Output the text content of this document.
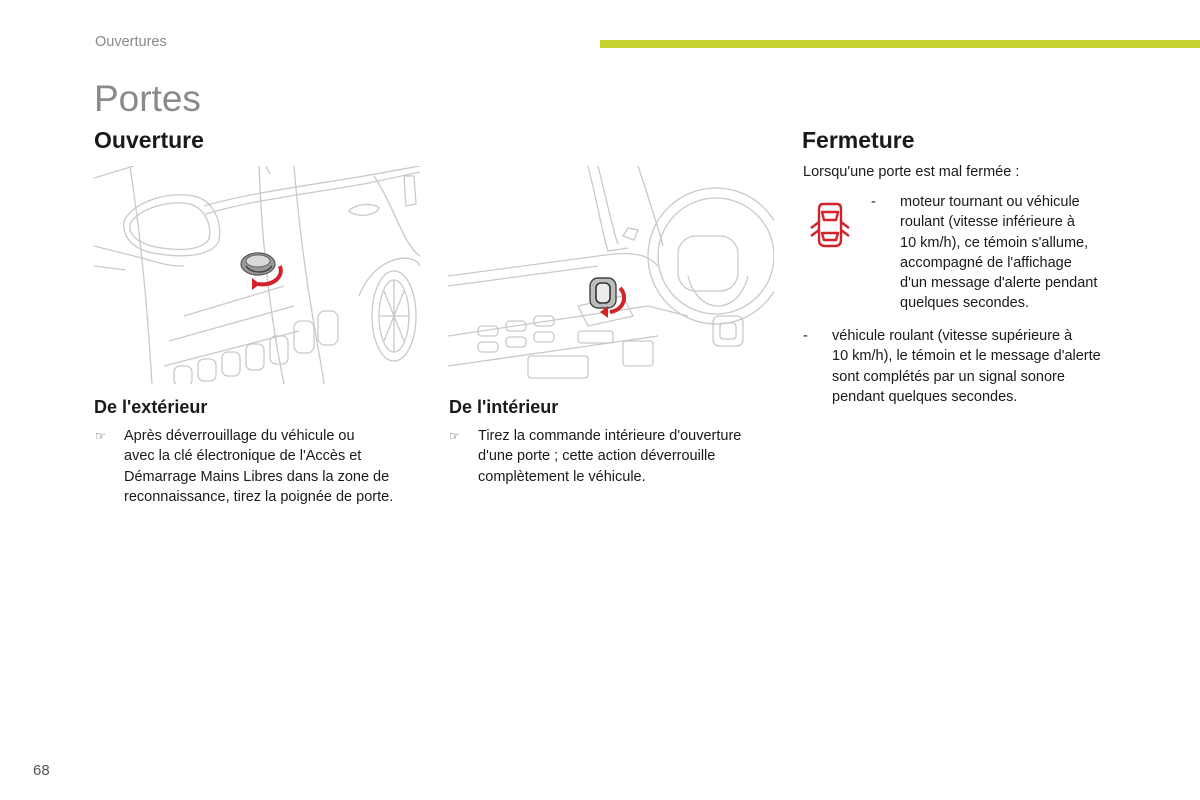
Ouvertures
Portes
Ouverture	Fermeture
De l'extérieur	De l'intérieur
☞ Après déverrouillage du véhicule ou
avec la clé électronique de l'Accès et
Démarrage Mains Libres dans la zone de
reconnaissance, tirez la poignée de porte.
☞ Tirez la commande intérieure d'ouverture
d'une porte ; cette action déverrouille
complètement le véhicule.
Lorsqu'une porte est mal fermée :
- moteur tournant ou véhicule
roulant (vitesse inférieure à
10 km/h), ce témoin s'allume,
accompagné de l'affichage
d'un message d'alerte pendant
quelques secondes.
- véhicule roulant (vitesse supérieure à
10 km/h), le témoin et le message d'alerte
sont complétés par un signal sonore
pendant quelques secondes.
68
